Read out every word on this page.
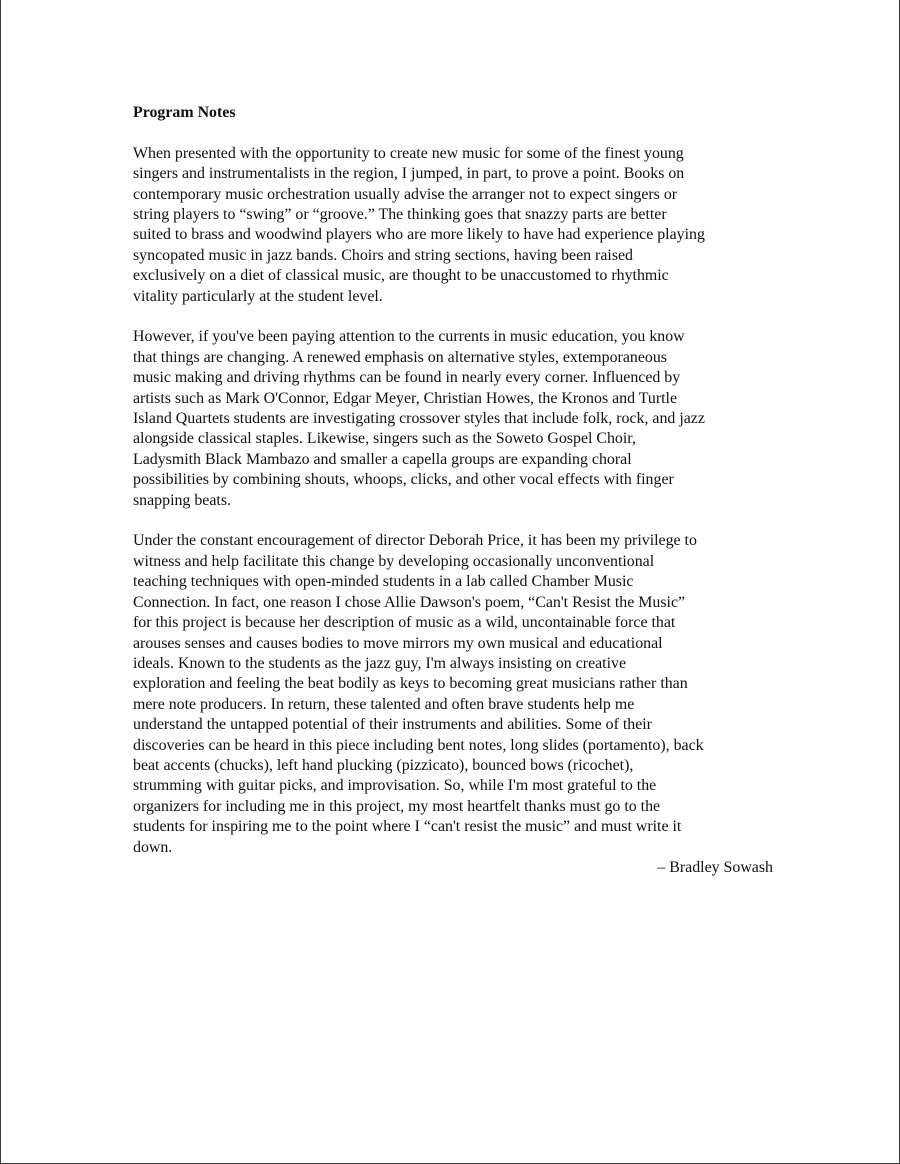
Program Notes
When presented with the opportunity to create new music for some of the finest young
singers and instrumentalists in the region, I jumped, in part, to prove a point. Books on
contemporary music orchestration usually advise the arranger not to expect singers or
string players to “swing” or “groove.” The thinking goes that snazzy parts are better
suited to brass and woodwind players who are more likely to have had experience playing
syncopated music in jazz bands. Choirs and string sections, having been raised
exclusively on a diet of classical music, are thought to be unaccustomed to rhythmic
vitality particularly at the student level.
However, if you've been paying attention to the currents in music education, you know
that things are changing. A renewed emphasis on alternative styles, extemporaneous
music making and driving rhythms can be found in nearly every corner. Influenced by
artists such as Mark O'Connor, Edgar Meyer, Christian Howes, the Kronos and Turtle
Island Quartets students are investigating crossover styles that include folk, rock, and jazz
alongside classical staples. Likewise, singers such as the Soweto Gospel Choir,
Ladysmith Black Mambazo and smaller a capella groups are expanding choral
possibilities by combining shouts, whoops, clicks, and other vocal effects with finger
snapping beats.
Under the constant encouragement of director Deborah Price, it has been my privilege to
witness and help facilitate this change by developing occasionally unconventional
teaching techniques with open-minded students in a lab called Chamber Music
Connection. In fact, one reason I chose Allie Dawson's poem, “Can't Resist the Music”
for this project is because her description of music as a wild, uncontainable force that
arouses senses and causes bodies to move mirrors my own musical and educational
ideals. Known to the students as the jazz guy, I'm always insisting on creative
exploration and feeling the beat bodily as keys to becoming great musicians rather than
mere note producers. In return, these talented and often brave students help me
understand the untapped potential of their instruments and abilities. Some of their
discoveries can be heard in this piece including bent notes, long slides (portamento), back
beat accents (chucks), left hand plucking (pizzicato), bounced bows (ricochet),
strumming with guitar picks, and improvisation. So, while I'm most grateful to the
organizers for including me in this project, my most heartfelt thanks must go to the
students for inspiring me to the point where I “can't resist the music” and must write it
down.
– Bradley Sowash
